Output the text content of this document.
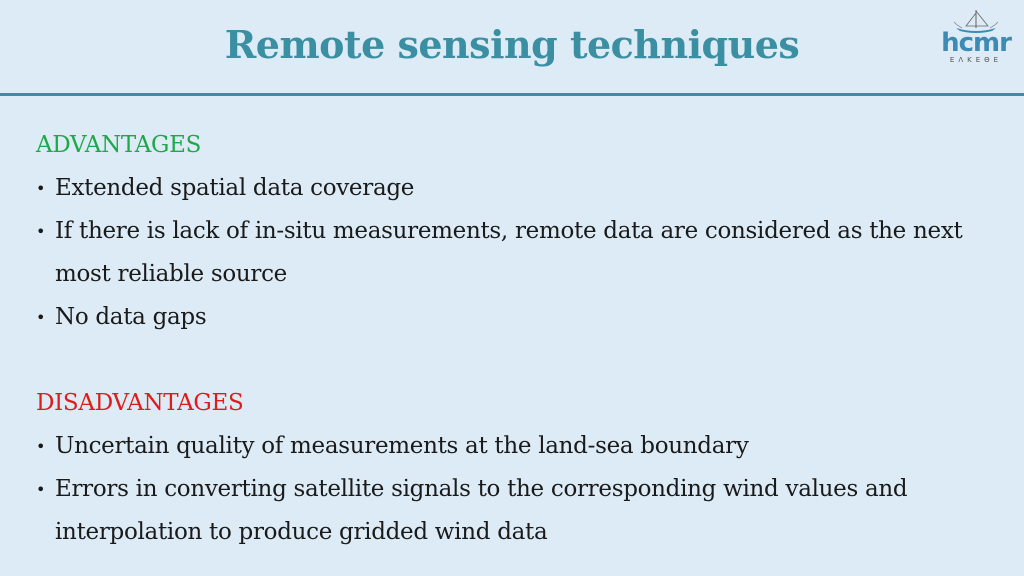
Remote sensing techniques	hcmr
ΕΛΚΕΘΕ
ADVANTAGES
• Extended spatial data coverage
• If there is lack of in-situ measurements, remote data are considered as the next most reliable source
• No data gaps
DISADVANTAGES
• Uncertain quality of measurements at the land-sea boundary
• Errors in converting satellite signals to the corresponding wind values and interpolation to produce gridded wind data
